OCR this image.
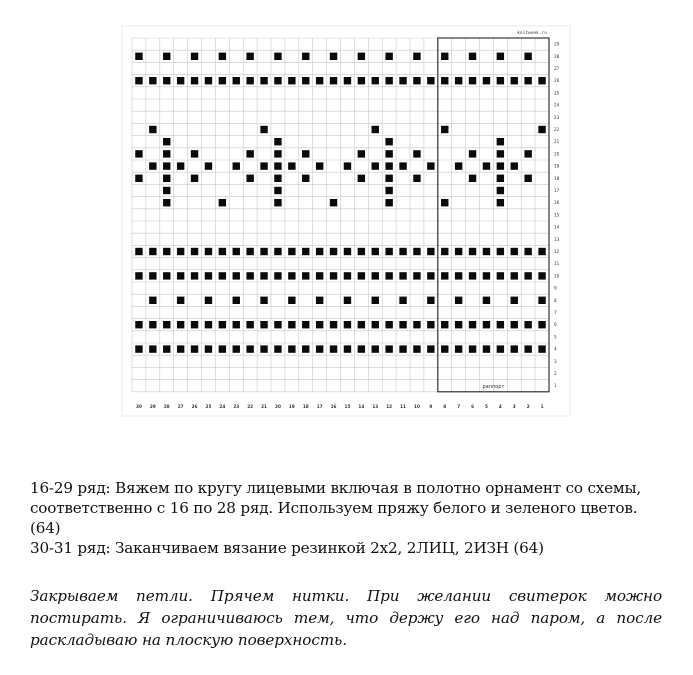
29
28
27
26
25
24
23
22
21
20
19
18
17
16
15
14
13
12
11
10
9
8
7
6
5
4
3
2
1
30 29 28 27 26 25 24 23 22 21 20 19 18 17 16 15 14 13 12 11 10 9	8	7	6	5	4	3	2	1
knitweek.ru
раппорт

16-29 ряд: Вяжем по кругу лицевыми включая в полотно орнамент со схемы, соответственно с 16 по 28 ряд. Используем пряжу белого и зеленого цветов. (64)

30-31 ряд: Заканчиваем вязание резинкой 2х2, 2ЛИЦ, 2ИЗН (64)

Закрываем петли. Прячем нитки. При желании свитерок можно постирать. Я ограничиваюсь тем, что держу его над паром, а после раскладываю на плоскую поверхность.
